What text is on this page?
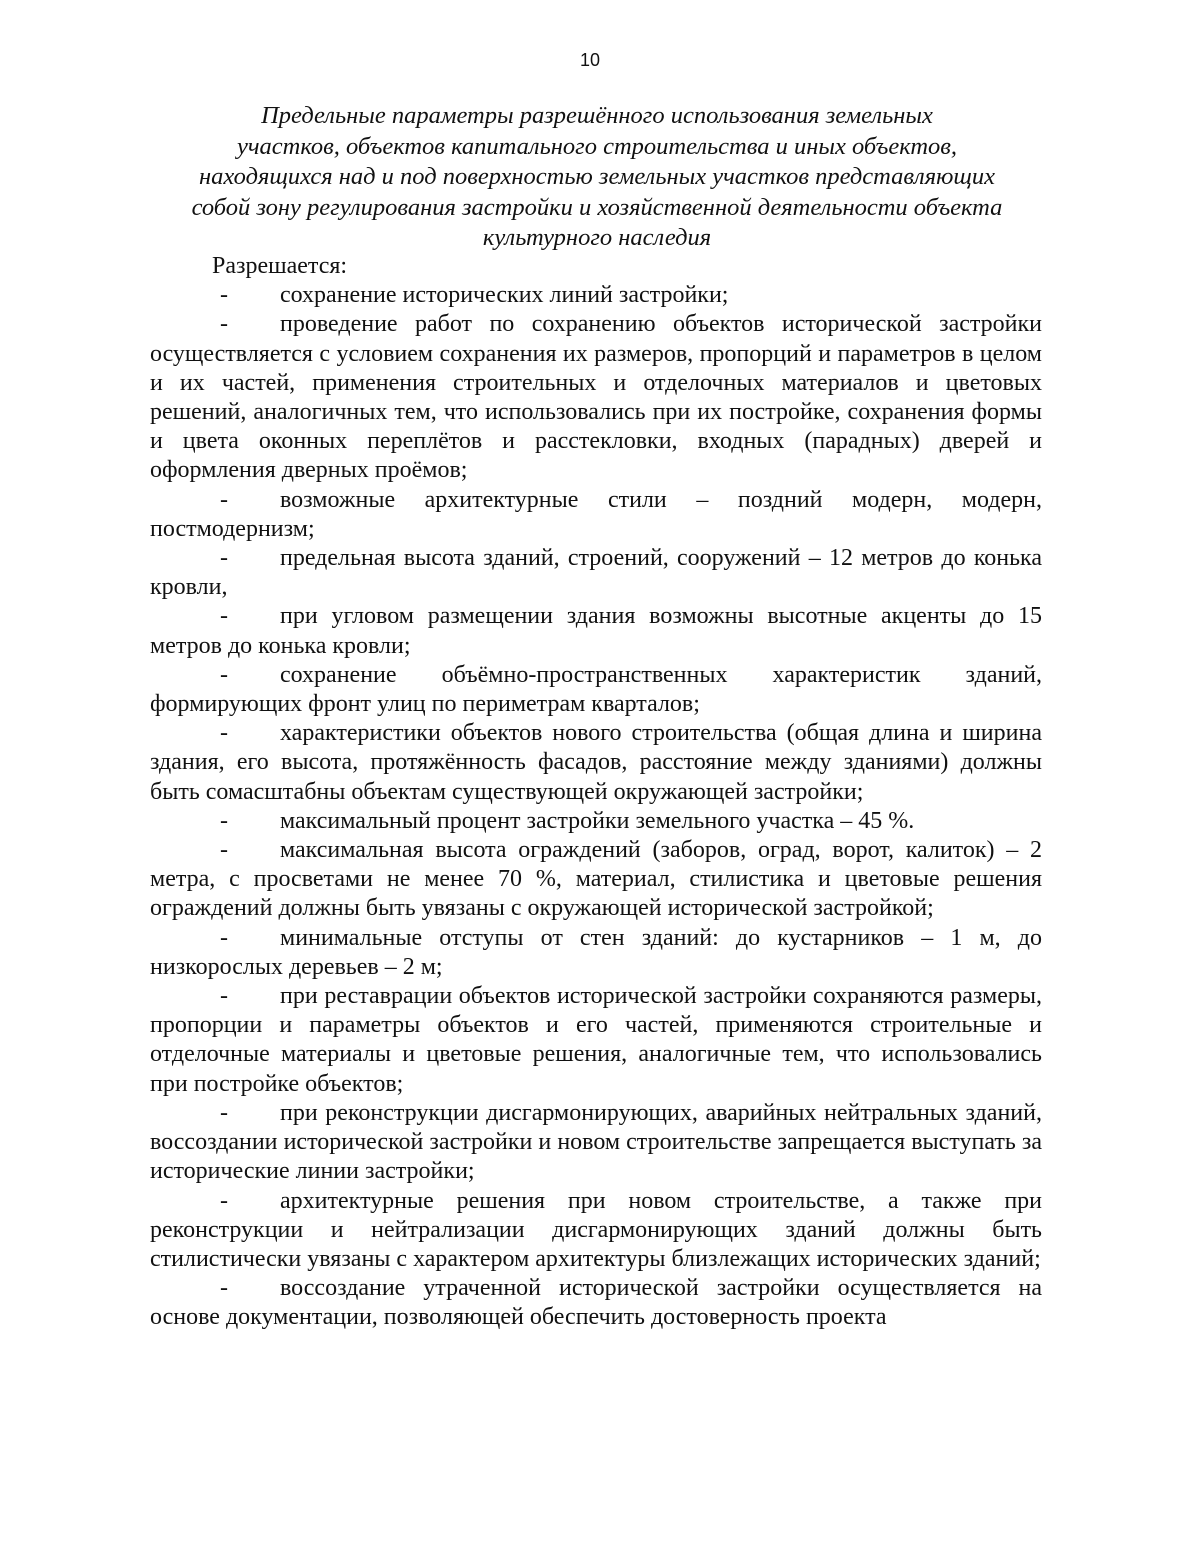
10
Предельные параметры разрешённого использования земельных
участков, объектов капитального строительства и иных объектов,
находящихся над и под поверхностью земельных участков представляющих
собой зону регулирования застройки и хозяйственной деятельности объекта
культурного наследия
Разрешается:
- сохранение исторических линий застройки;
- проведение работ по сохранению объектов исторической застройки осуществляется с условием сохранения их размеров, пропорций и параметров в целом и их частей, применения строительных и отделочных материалов и цветовых решений, аналогичных тем, что использовались при их постройке, сохранения формы и цвета оконных переплётов и расстекловки, входных (парадных) дверей и оформления дверных проёмов;
- возможные архитектурные стили – поздний модерн, модерн, постмодернизм;
- предельная высота зданий, строений, сооружений – 12 метров до конька кровли,
- при угловом размещении здания возможны высотные акценты до 15 метров до конька кровли;
- сохранение объёмно-пространственных характеристик зданий, формирующих фронт улиц по периметрам кварталов;
- характеристики объектов нового строительства (общая длина и ширина здания, его высота, протяжённость фасадов, расстояние между зданиями) должны быть сомасштабны объектам существующей окружающей застройки;
- максимальный процент застройки земельного участка – 45 %.
- максимальная высота ограждений (заборов, оград, ворот, калиток) – 2 метра, с просветами не менее 70 %, материал, стилистика и цветовые решения ограждений должны быть увязаны с окружающей исторической застройкой;
- минимальные отступы от стен зданий: до кустарников – 1 м, до низкорослых деревьев – 2 м;
- при реставрации объектов исторической застройки сохраняются размеры, пропорции и параметры объектов и его частей, применяются строительные и отделочные материалы и цветовые решения, аналогичные тем, что использовались при постройке объектов;
- при реконструкции дисгармонирующих, аварийных нейтральных зданий, воссоздании исторической застройки и новом строительстве запрещается выступать за исторические линии застройки;
- архитектурные решения при новом строительстве, а также при реконструкции и нейтрализации дисгармонирующих зданий должны быть стилистически увязаны с характером архитектуры близлежащих исторических зданий;
- воссоздание утраченной исторической застройки осуществляется на основе документации, позволяющей обеспечить достоверность проекта
